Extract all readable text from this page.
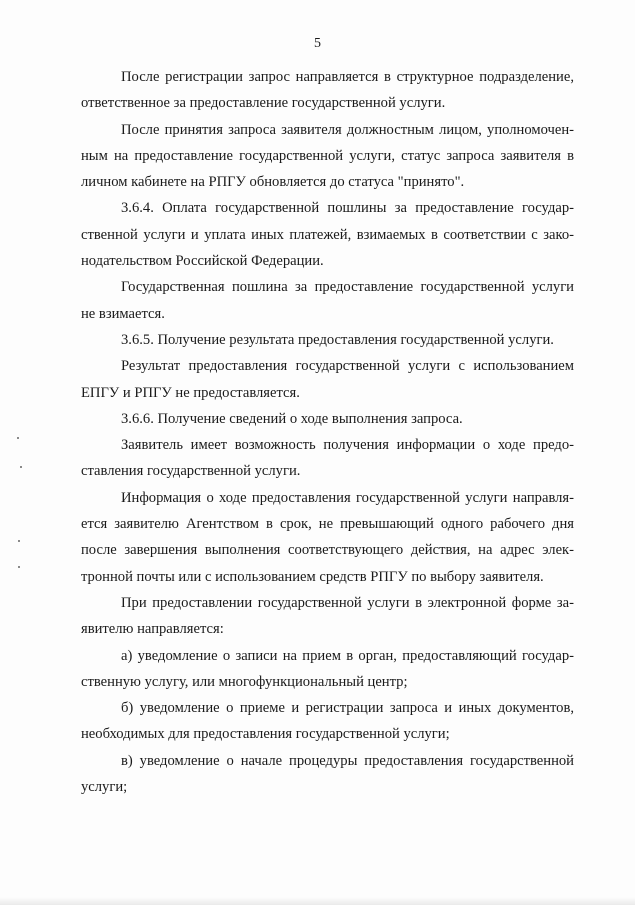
5
После регистрации запрос направляется в структурное подразделение,
ответственное за предоставление государственной услуги.
После принятия запроса заявителя должностным лицом, уполномочен-
ным на предоставление государственной услуги, статус запроса заявителя в
личном кабинете на РПГУ обновляется до статуса "принято".
3.6.4. Оплата государственной пошлины за предоставление государ-
ственной услуги и уплата иных платежей, взимаемых в соответствии с зако-
нодательством Российской Федерации.
Государственная пошлина за предоставление государственной услуги
не взимается.
3.6.5. Получение результата предоставления государственной услуги.
Результат предоставления государственной услуги с использованием
ЕПГУ и РПГУ не предоставляется.
3.6.6. Получение сведений о ходе выполнения запроса.
Заявитель имеет возможность получения информации о ходе предо-
ставления государственной услуги.
Информация о ходе предоставления государственной услуги направля-
ется заявителю Агентством в срок, не превышающий одного рабочего дня
после завершения выполнения соответствующего действия, на адрес элек-
тронной почты или с использованием средств РПГУ по выбору заявителя.
При предоставлении государственной услуги в электронной форме за-
явителю направляется:
а) уведомление о записи на прием в орган, предоставляющий государ-
ственную услугу, или многофункциональный центр;
б) уведомление о приеме и регистрации запроса и иных документов,
необходимых для предоставления государственной услуги;
в) уведомление о начале процедуры предоставления государственной
услуги;
